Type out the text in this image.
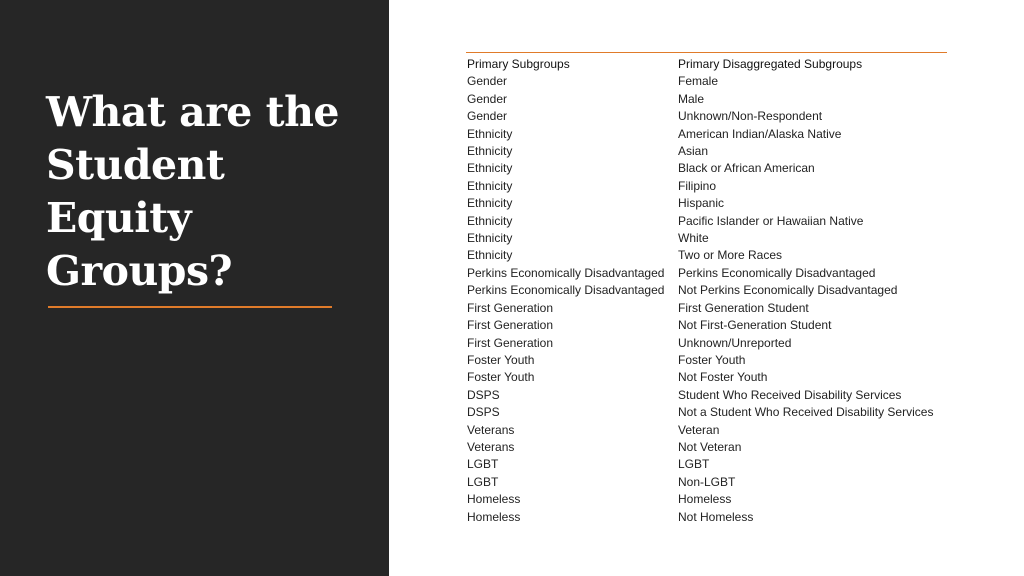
What are the Student Equity Groups?
Primary Subgroups	Primary Disaggregated Subgroups
Gender	Female
Gender	Male
Gender	Unknown/Non-Respondent
Ethnicity	American Indian/Alaska Native
Ethnicity	Asian
Ethnicity	Black or African American
Ethnicity	Filipino
Ethnicity	Hispanic
Ethnicity	Pacific Islander or Hawaiian Native
Ethnicity	White
Ethnicity	Two or More Races
Perkins Economically Disadvantaged	Perkins Economically Disadvantaged
Perkins Economically Disadvantaged	Not Perkins Economically Disadvantaged
First Generation	First Generation Student
First Generation	Not First-Generation Student
First Generation	Unknown/Unreported
Foster Youth	Foster Youth
Foster Youth	Not Foster Youth
DSPS	Student Who Received Disability Services
DSPS	Not a Student Who Received Disability Services
Veterans	Veteran
Veterans	Not Veteran
LGBT	LGBT
LGBT	Non-LGBT
Homeless	Homeless
Homeless	Not Homeless
